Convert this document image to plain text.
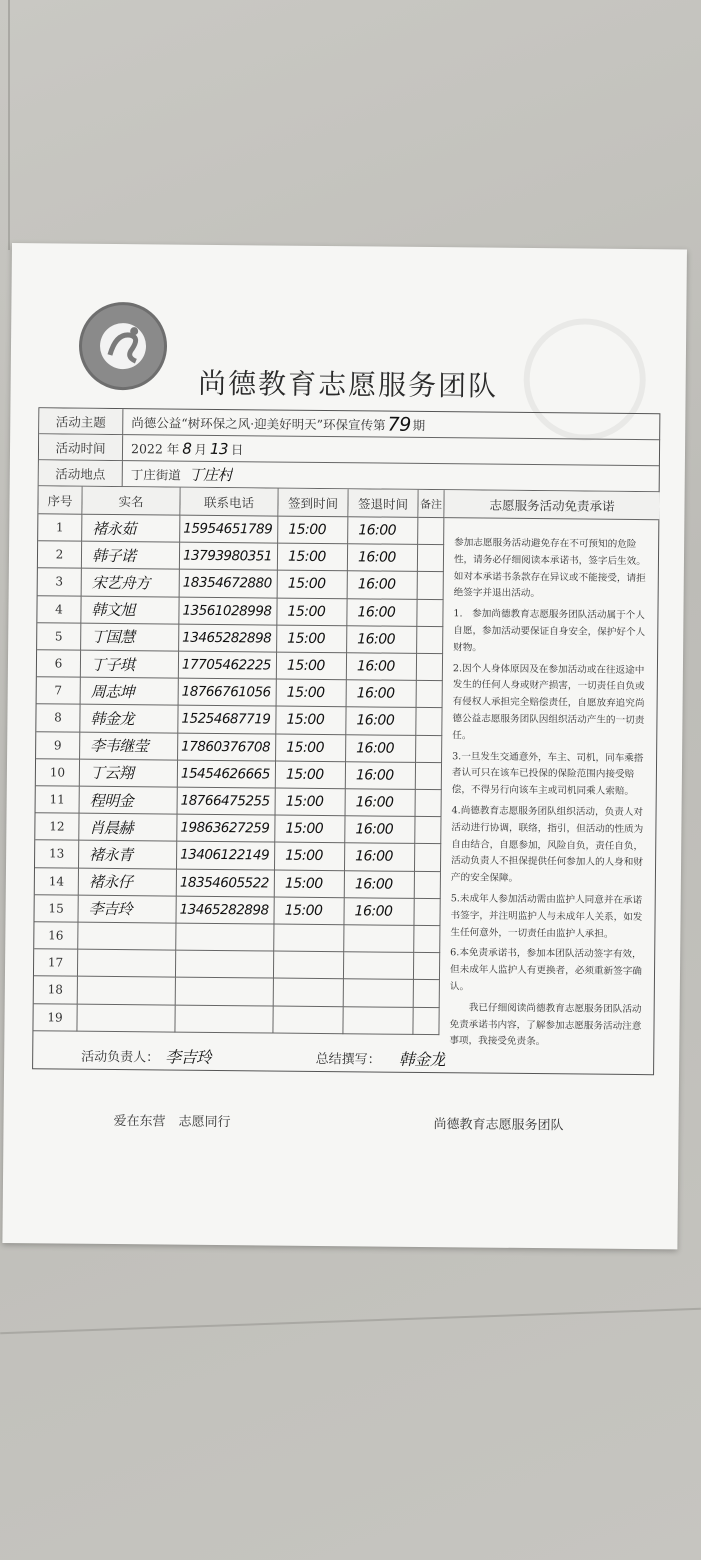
尚德教育志愿服务团队
活动主题	尚德公益“树环保之风·迎美好明天”环保宣传第 79 期
活动时间	2022 年 8 月 13 日
活动地点	丁庄街道 丁庄村
序号	实名	联系电话	签到时间	签退时间	备注	志愿服务活动免责承诺
1	褚永茹	15954651789	15:00	16:00
2	韩子诺	13793980351	15:00	16:00
3	宋艺舟方	18354672880	15:00	16:00
4	韩文旭	13561028998	15:00	16:00
5	丁国慧	13465282898	15:00	16:00
6	丁子琪	17705462225	15:00	16:00
7	周志坤	18766761056	15:00	16:00
8	韩金龙	15254687719	15:00	16:00
9	李韦继莹	17860376708	15:00	16:00
10	丁云翔	15454626665	15:00	16:00
11	程明金	18766475255	15:00	16:00
12	肖晨赫	19863627259	15:00	16:00
13	褚永青	13406122149	15:00	16:00
14	褚永仔	18354605522	15:00	16:00
15	李吉玲	13465282898	15:00	16:00
16
17
18
19

参加志愿服务活动避免存在不可预知的危险性，请务必仔细阅读本承诺书，签字后生效。如对本承诺书条款存在异议或不能接受，请拒绝签字并退出活动。

1.　参加尚德教育志愿服务团队活动属于个人自愿，参加活动要保证自身安全，保护好个人财物。

2.因个人身体原因及在参加活动或在往返途中发生的任何人身或财产损害，一切责任自负或有侵权人承担完全赔偿责任，自愿放弃追究尚德公益志愿服务团队因组织活动产生的一切责任。

3.一旦发生交通意外，车主、司机，同车乘搭者认可只在该车已投保的保险范围内接受赔偿，不得另行向该车主或司机同乘人索赔。

4.尚德教育志愿服务团队组织活动，负责人对活动进行协调，联络，指引，但活动的性质为自由结合，自愿参加，风险自负，责任自负，活动负责人不担保提供任何参加人的人身和财产的安全保障。

5.未成年人参加活动需由监护人同意并在承诺书签字，并注明监护人与未成年人关系，如发生任何意外，一切责任由监护人承担。

6.本免责承诺书，参加本团队活动签字有效，但未成年人监护人有更换者，必须重新签字确认。

我已仔细阅读尚德教育志愿服务团队活动免责承诺书内容，了解参加志愿服务活动注意事项，我接受免责条。

活动负责人： 李吉玲	总结撰写：	韩金龙
爱在东营　志愿同行	尚德教育志愿服务团队
